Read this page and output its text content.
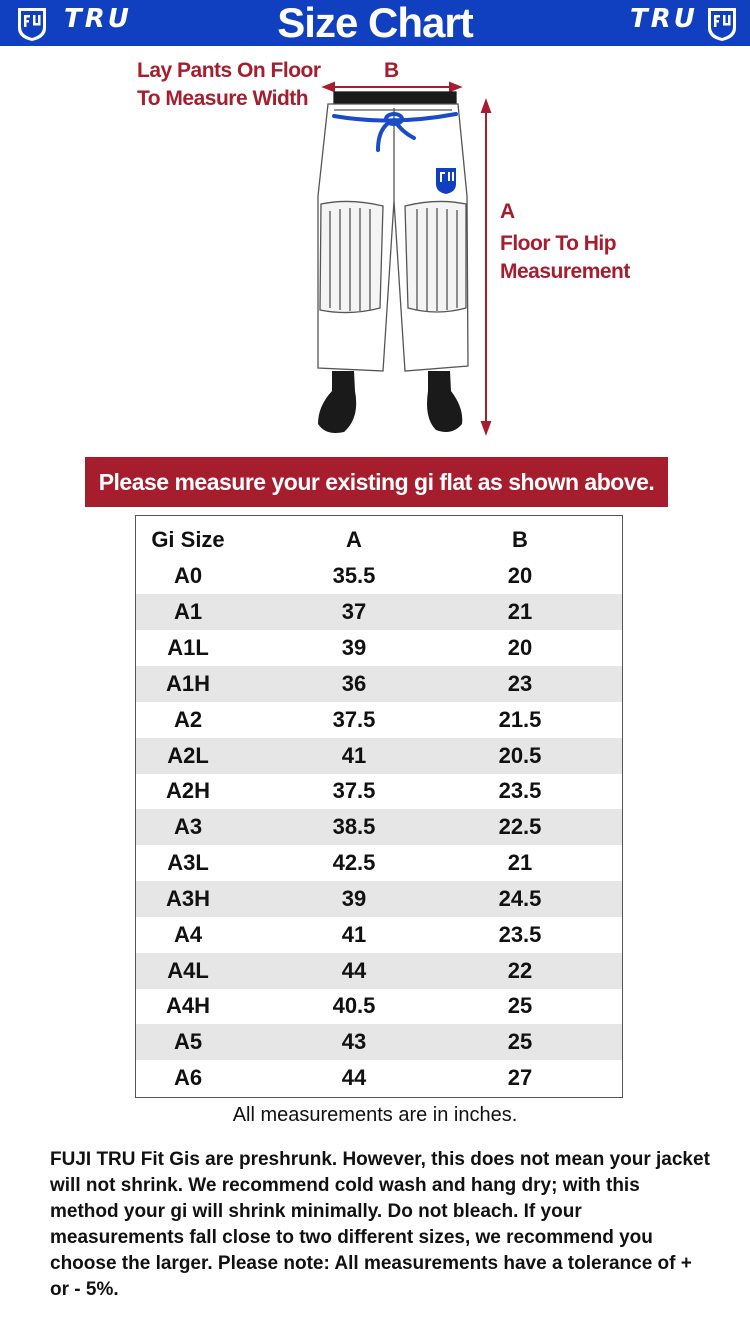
TRU	Size Chart	TRU
Lay Pants On Floor
To Measure Width
B
A
Floor To Hip
Measurement
Please measure your existing gi flat as shown above.
Gi Size	A	B
A0	35.5	20
A1	37	21
A1L	39	20
A1H	36	23
A2	37.5	21.5
A2L	41	20.5
A2H	37.5	23.5
A3	38.5	22.5
A3L	42.5	21
A3H	39	24.5
A4	41	23.5
A4L	44	22
A4H	40.5	25
A5	43	25
A6	44	27
All measurements are in inches.
FUJI TRU Fit Gis are preshrunk. However, this does not mean your jacket will not shrink. We recommend cold wash and hang dry; with this method your gi will shrink minimally. Do not bleach. If your measurements fall close to two different sizes, we recommend you choose the larger. Please note: All measurements have a tolerance of + or - 5%.
